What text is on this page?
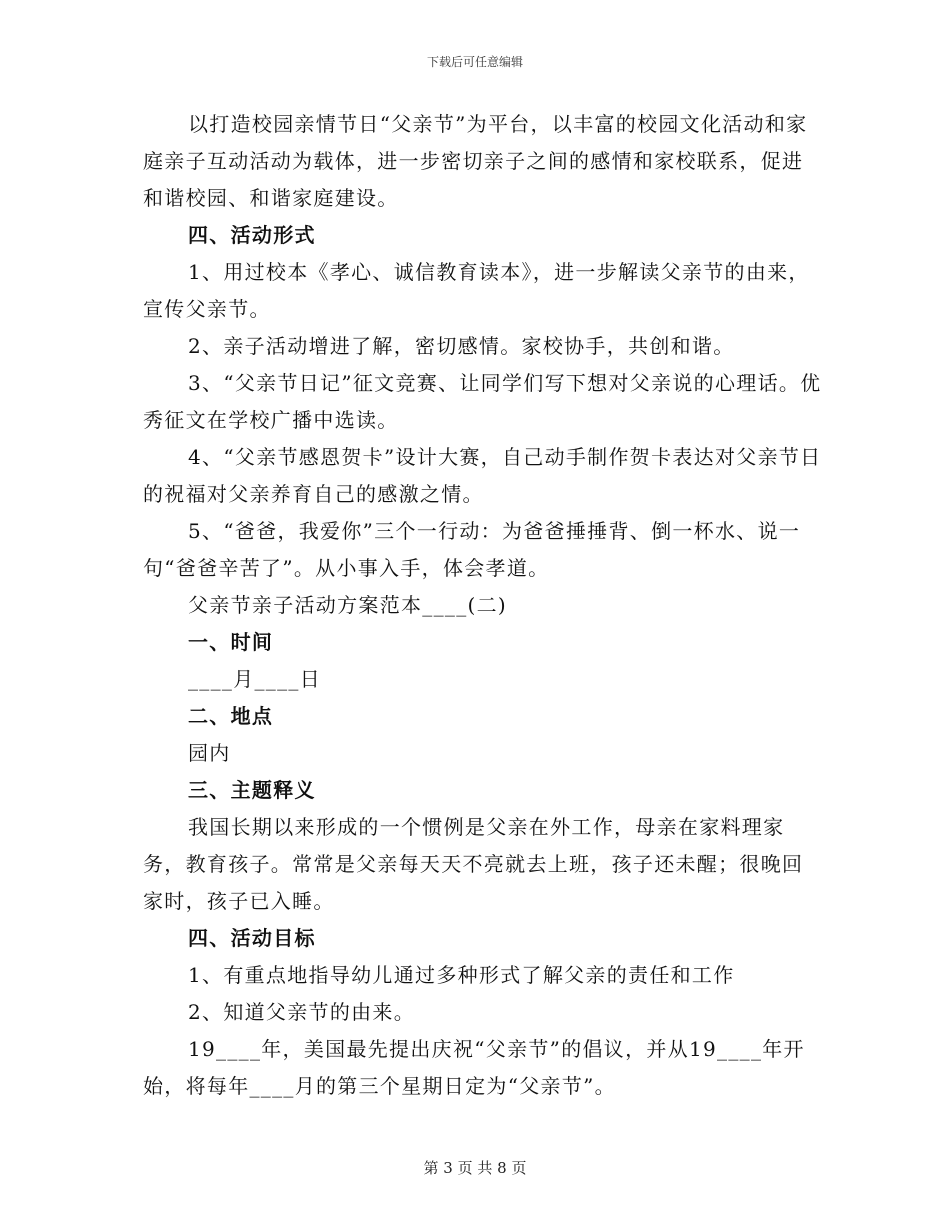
下载后可任意编辑

以打造校园亲情节日“父亲节”为平台，以丰富的校园文化活动和家庭亲子互动活动为载体，进一步密切亲子之间的感情和家校联系，促进和谐校园、和谐家庭建设。

四、活动形式

1、用过校本《孝心、诚信教育读本》，进一步解读父亲节的由来，宣传父亲节。

2、亲子活动增进了解，密切感情。家校协手，共创和谐。

3、“父亲节日记”征文竞赛、让同学们写下想对父亲说的心理话。优秀征文在学校广播中选读。

4、“父亲节感恩贺卡”设计大赛，自己动手制作贺卡表达对父亲节日的祝福对父亲养育自己的感激之情。

5、“爸爸，我爱你”三个一行动：为爸爸捶捶背、倒一杯水、说一句“爸爸辛苦了”。从小事入手，体会孝道。

父亲节亲子活动方案范本____(二)

一、时间

____月____日

二、地点

园内

三、主题释义

我国长期以来形成的一个惯例是父亲在外工作，母亲在家料理家务，教育孩子。常常是父亲每天天不亮就去上班，孩子还未醒；很晚回家时，孩子已入睡。

四、活动目标

1、有重点地指导幼儿通过多种形式了解父亲的责任和工作

2、知道父亲节的由来。

19____年，美国最先提出庆祝“父亲节”的倡议，并从19____年开始，将每年____月的第三个星期日定为“父亲节”。

第 3 页 共 8 页
